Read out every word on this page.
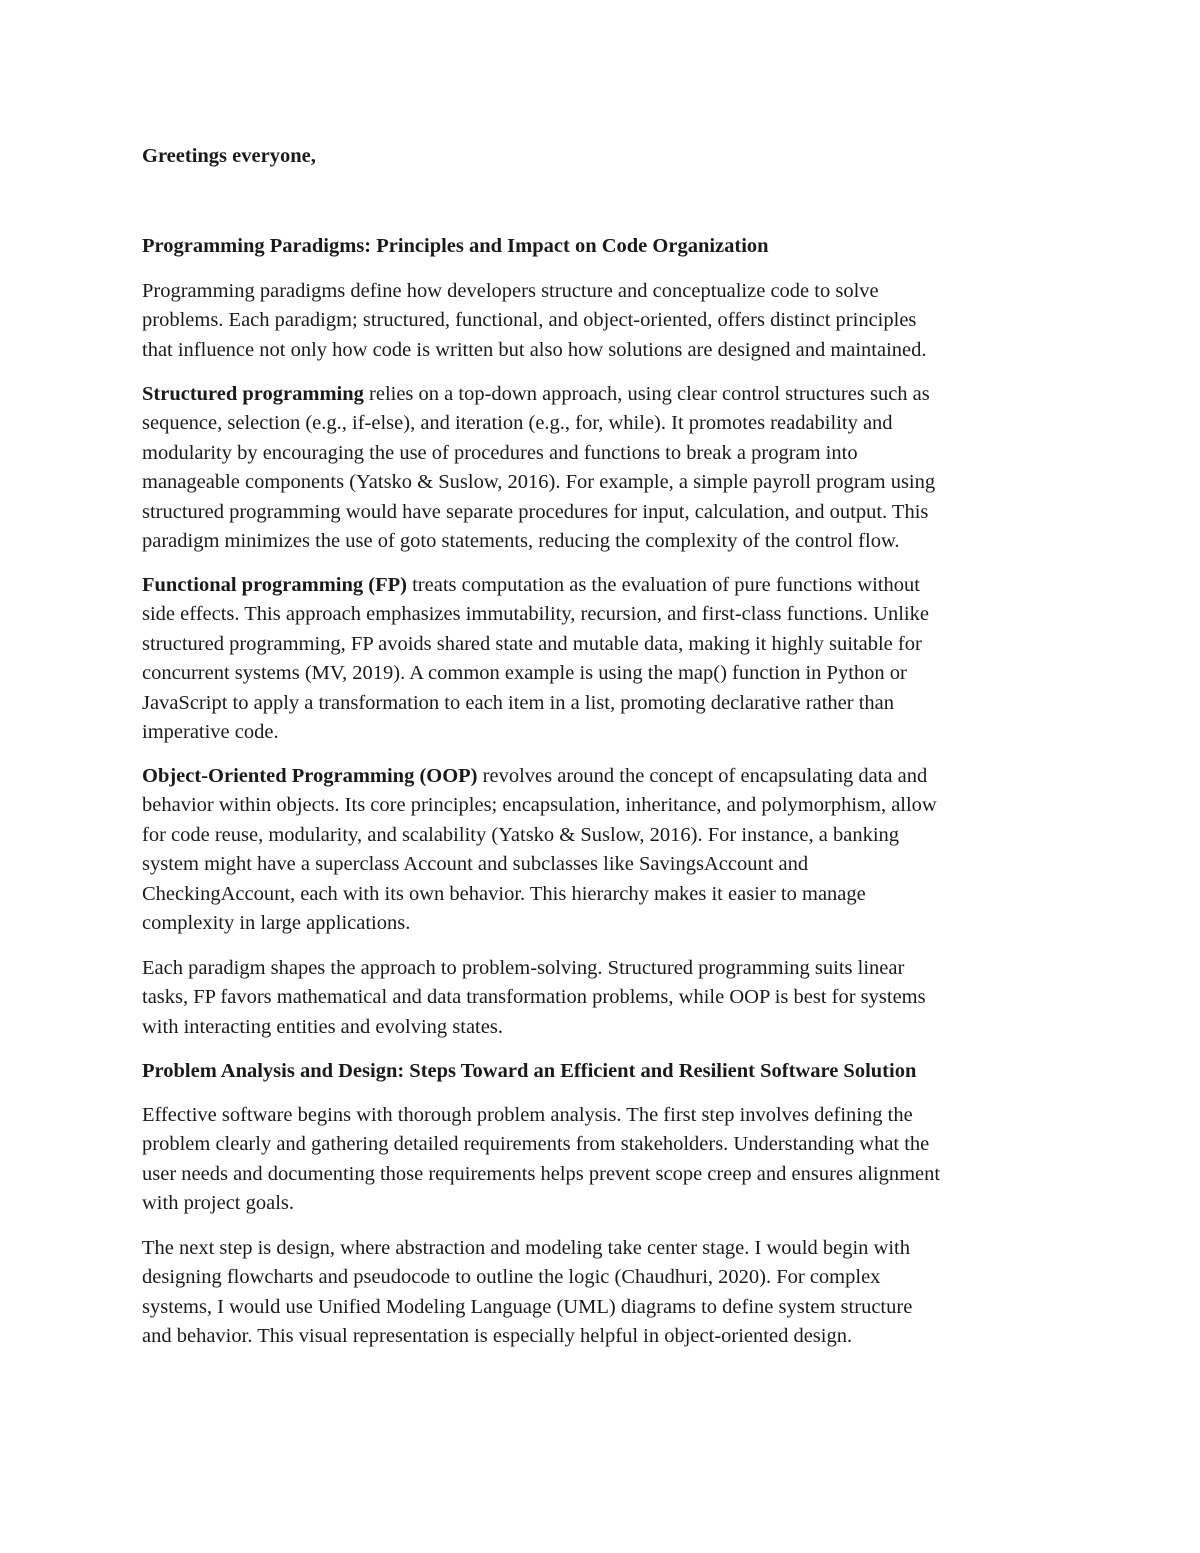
Greetings everyone,

Programming Paradigms: Principles and Impact on Code Organization

Programming paradigms define how developers structure and conceptualize code to solve
problems. Each paradigm; structured, functional, and object-oriented, offers distinct principles
that influence not only how code is written but also how solutions are designed and maintained.

Structured programming relies on a top-down approach, using clear control structures such as
sequence, selection (e.g., if-else), and iteration (e.g., for, while). It promotes readability and
modularity by encouraging the use of procedures and functions to break a program into
manageable components (Yatsko & Suslow, 2016). For example, a simple payroll program using
structured programming would have separate procedures for input, calculation, and output. This
paradigm minimizes the use of goto statements, reducing the complexity of the control flow.

Functional programming (FP) treats computation as the evaluation of pure functions without
side effects. This approach emphasizes immutability, recursion, and first-class functions. Unlike
structured programming, FP avoids shared state and mutable data, making it highly suitable for
concurrent systems (MV, 2019). A common example is using the map() function in Python or
JavaScript to apply a transformation to each item in a list, promoting declarative rather than
imperative code.

Object-Oriented Programming (OOP) revolves around the concept of encapsulating data and
behavior within objects. Its core principles; encapsulation, inheritance, and polymorphism, allow
for code reuse, modularity, and scalability (Yatsko & Suslow, 2016). For instance, a banking
system might have a superclass Account and subclasses like SavingsAccount and
CheckingAccount, each with its own behavior. This hierarchy makes it easier to manage
complexity in large applications.

Each paradigm shapes the approach to problem-solving. Structured programming suits linear
tasks, FP favors mathematical and data transformation problems, while OOP is best for systems
with interacting entities and evolving states.

Problem Analysis and Design: Steps Toward an Efficient and Resilient Software Solution

Effective software begins with thorough problem analysis. The first step involves defining the
problem clearly and gathering detailed requirements from stakeholders. Understanding what the
user needs and documenting those requirements helps prevent scope creep and ensures alignment
with project goals.

The next step is design, where abstraction and modeling take center stage. I would begin with
designing flowcharts and pseudocode to outline the logic (Chaudhuri, 2020). For complex
systems, I would use Unified Modeling Language (UML) diagrams to define system structure
and behavior. This visual representation is especially helpful in object-oriented design.
